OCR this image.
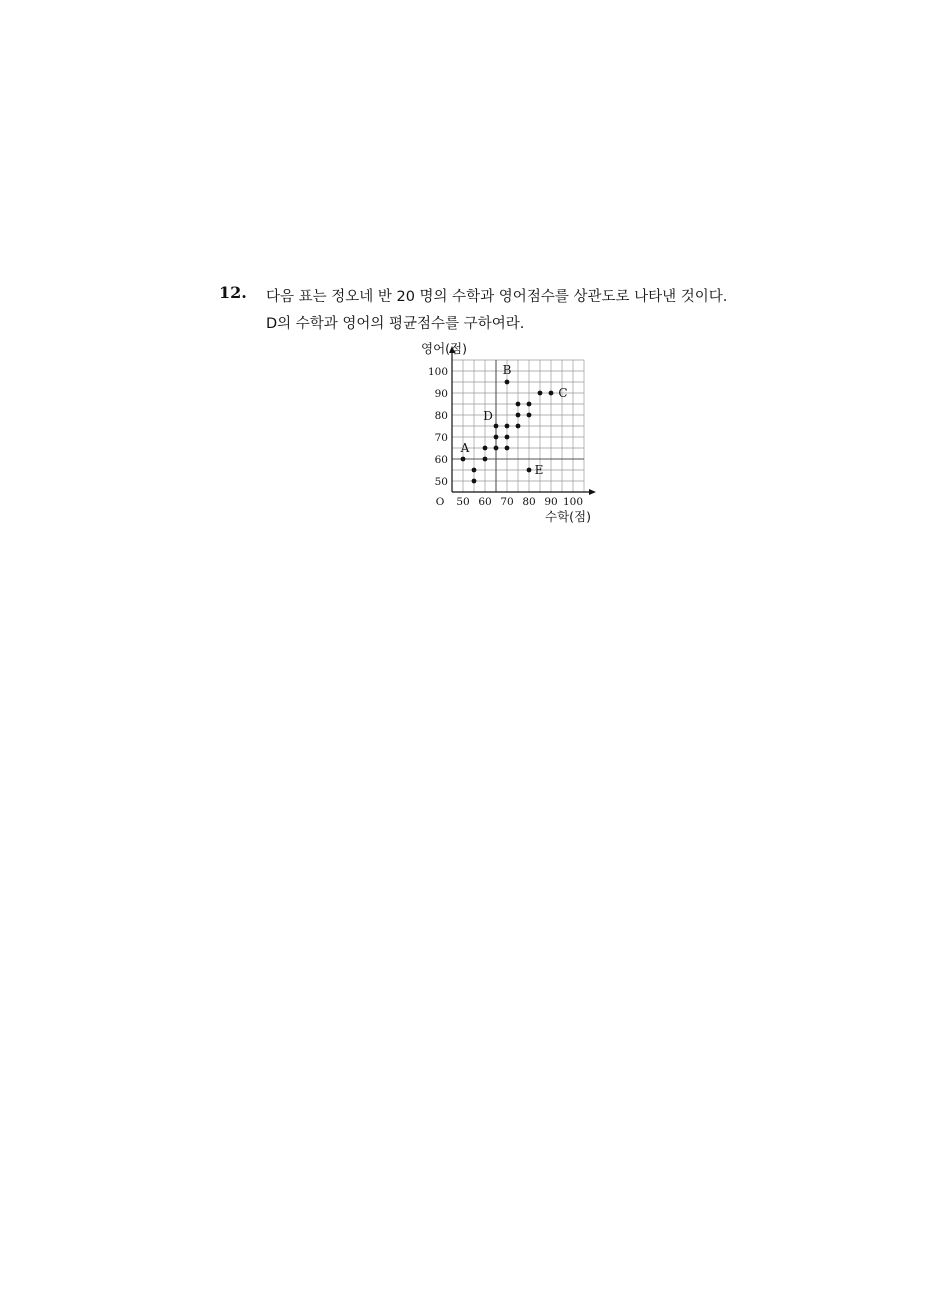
12. 다음 표는 정오네 반 20 명의 수학과 영어점수를 상관도로 나타낸 것이다.
D의 수학과 영어의 평균점수를 구하여라.
50 60 70 80 90 100
50
60
70
80
90
100
O
영어(점)
수학(점)
A
D
B
E
C
